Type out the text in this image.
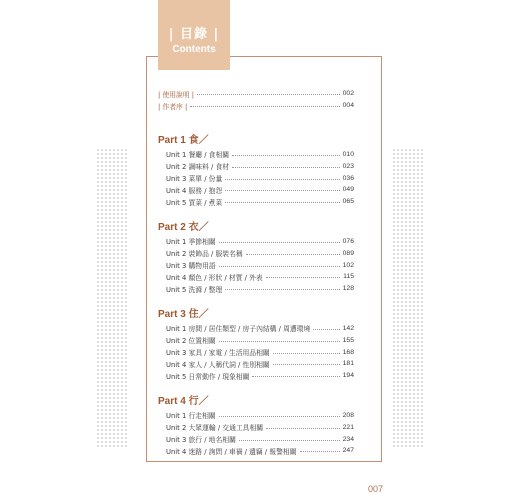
| 目錄 |
Contents
| 使用說明 |	002
| 作者序 |	004
Part 1 食／
Unit 1 餐廳 / 食相關	010
Unit 2 調味料 / 食材	023
Unit 3 菜單 / 份量	036
Unit 4 服務 / 抱怨	049
Unit 5 買菜 / 煮菜	065
Part 2 衣／
Unit 1 季節相關	076
Unit 2 裝飾品 / 服裝名稱	089
Unit 3 購物用語	102
Unit 4 顏色 / 形狀 / 材質 / 外表	115
Unit 5 洗滌 / 整理	128
Part 3 住／
Unit 1 房間 / 居住類型 / 房子內結構 / 周遭環境	142
Unit 2 位置相關	155
Unit 3 家具 / 家電 / 生活用品相關	168
Unit 4 家人 / 人稱代詞 / 性別相關	181
Unit 5 日常動作 / 現象相關	194
Part 4 行／
Unit 1 行走相關	208
Unit 2 大眾運輸 / 交通工具相關	221
Unit 3 旅行 / 地名相關	234
Unit 4 迷路 / 詢問 / 車禍 / 遺竊 / 報警相關	247
007
